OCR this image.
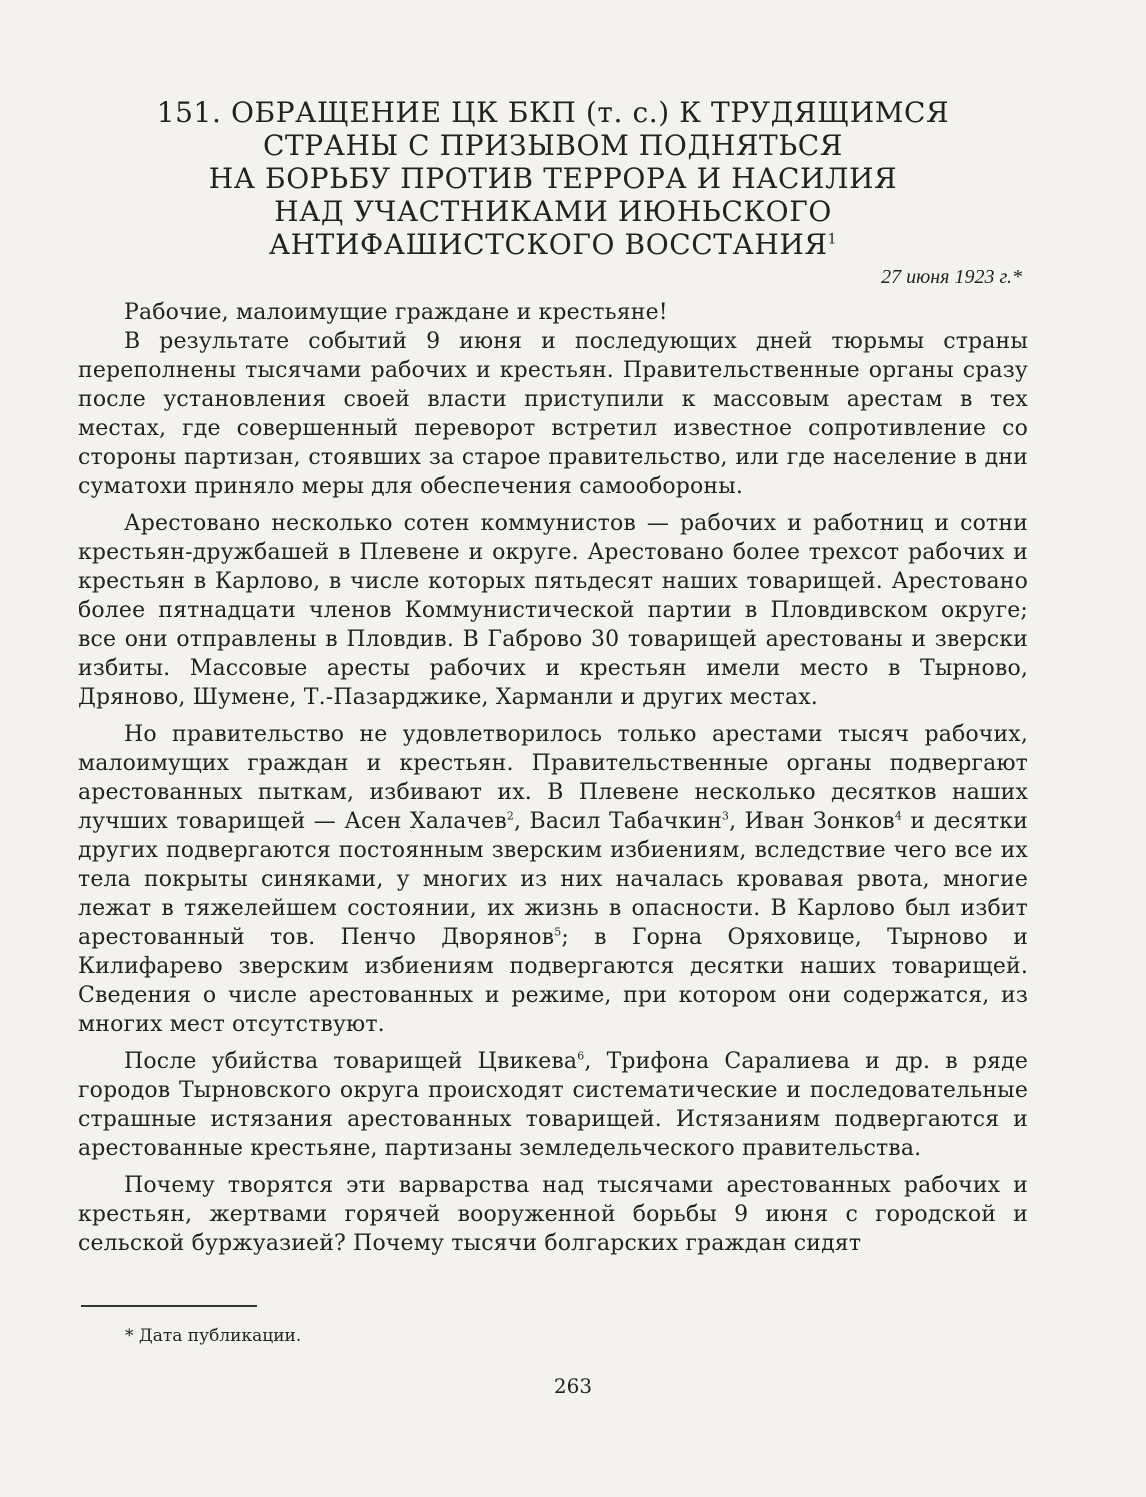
151. ОБРАЩЕНИЕ ЦК БКП (т. с.) К ТРУДЯЩИМСЯ
СТРАНЫ С ПРИЗЫВОМ ПОДНЯТЬСЯ
НА БОРЬБУ ПРОТИВ ТЕРРОРА И НАСИЛИЯ
НАД УЧАСТНИКАМИ ИЮНЬСКОГО
АНТИФАШИСТСКОГО ВОССТАНИЯ$^1$
27 июня 1923 г.*

Рабочие, малоимущие граждане и крестьяне!

В результате событий 9 июня и последующих дней тюрьмы страны переполнены тысячами рабочих и крестьян. Правительственные органы сразу после установления своей власти приступили к массовым арестам в тех местах, где совершенный переворот встретил известное сопротивление со стороны партизан, стоявших за старое правительство, или где население в дни суматохи приняло меры для обеспечения самообороны.

Арестовано несколько сотен коммунистов — рабочих и работниц и сотни крестьян-дружбашей в Плевене и округе. Арестовано более трехсот рабочих и крестьян в Карлово, в числе которых пятьдесят наших товарищей. Арестовано более пятнадцати членов Коммунистической партии в Пловдивском округе; все они отправлены в Пловдив. В Габрово 30 товарищей арестованы и зверски избиты. Массовые аресты рабочих и крестьян имели место в Тырново, Дряново, Шумене, Т.-Пазарджике, Харманли и других местах.

Но правительство не удовлетворилось только арестами тысяч рабочих, малоимущих граждан и крестьян. Правительственные органы подвергают арестованных пыткам, избивают их. В Плевене несколько десятков наших лучших товарищей — Асен Халачев$^2$, Васил Табачкин$^3$, Иван Зонков$^4$ и десятки других подвергаются постоянным зверским избиениям, вследствие чего все их тела покрыты синяками, у многих из них началась кровавая рвота, многие лежат в тяжелейшем состоянии, их жизнь в опасности. В Карлово был избит арестованный тов. Пенчо Дворянов$^5$; в Горна Оряховице, Тырново и Килифарево зверским избиениям подвергаются десятки наших товарищей. Сведения о числе арестованных и режиме, при котором они содержатся, из многих мест отсутствуют.

После убийства товарищей Цвикева$^6$, Трифона Саралиева и др. в ряде городов Тырновского округа происходят систематические и последовательные страшные истязания арестованных товарищей. Истязаниям подвергаются и арестованные крестьяне, партизаны земледельческого правительства.

Почему творятся эти варварства над тысячами арестованных рабочих и крестьян, жертвами горячей вооруженной борьбы 9 июня с городской и сельской буржуазией? Почему тысячи болгарских граждан сидят

* Дата публикации.
263
